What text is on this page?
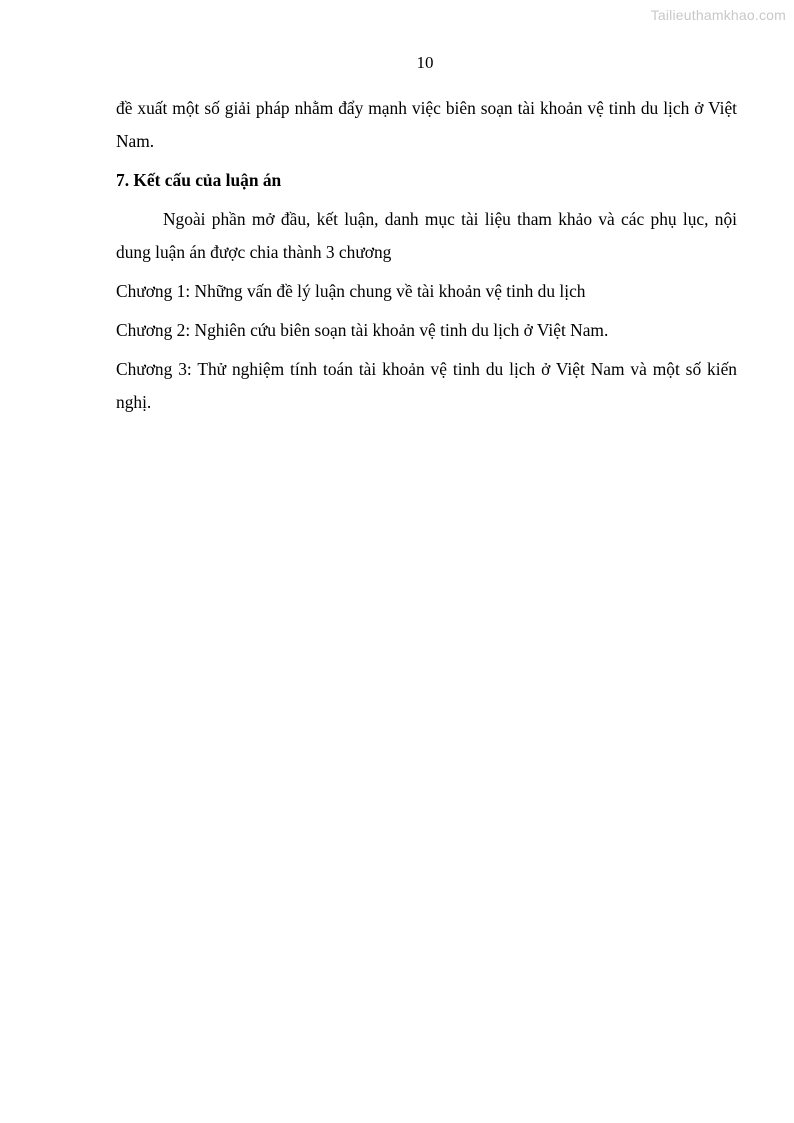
Tailieuthamkhao.com
10

đề xuất một số giải pháp nhằm đẩy mạnh việc biên soạn tài khoản vệ tinh du lịch ở Việt Nam.

7. Kết cấu của luận án

Ngoài phần mở đầu, kết luận, danh mục tài liệu tham khảo và các phụ lục, nội dung luận án được chia thành 3 chương

Chương 1: Những vấn đề lý luận chung về tài khoản vệ tinh du lịch

Chương 2: Nghiên cứu biên soạn tài khoản vệ tinh du lịch ở Việt Nam.

Chương 3: Thử nghiệm tính toán tài khoản vệ tinh du lịch ở Việt Nam và một số kiến nghị.
